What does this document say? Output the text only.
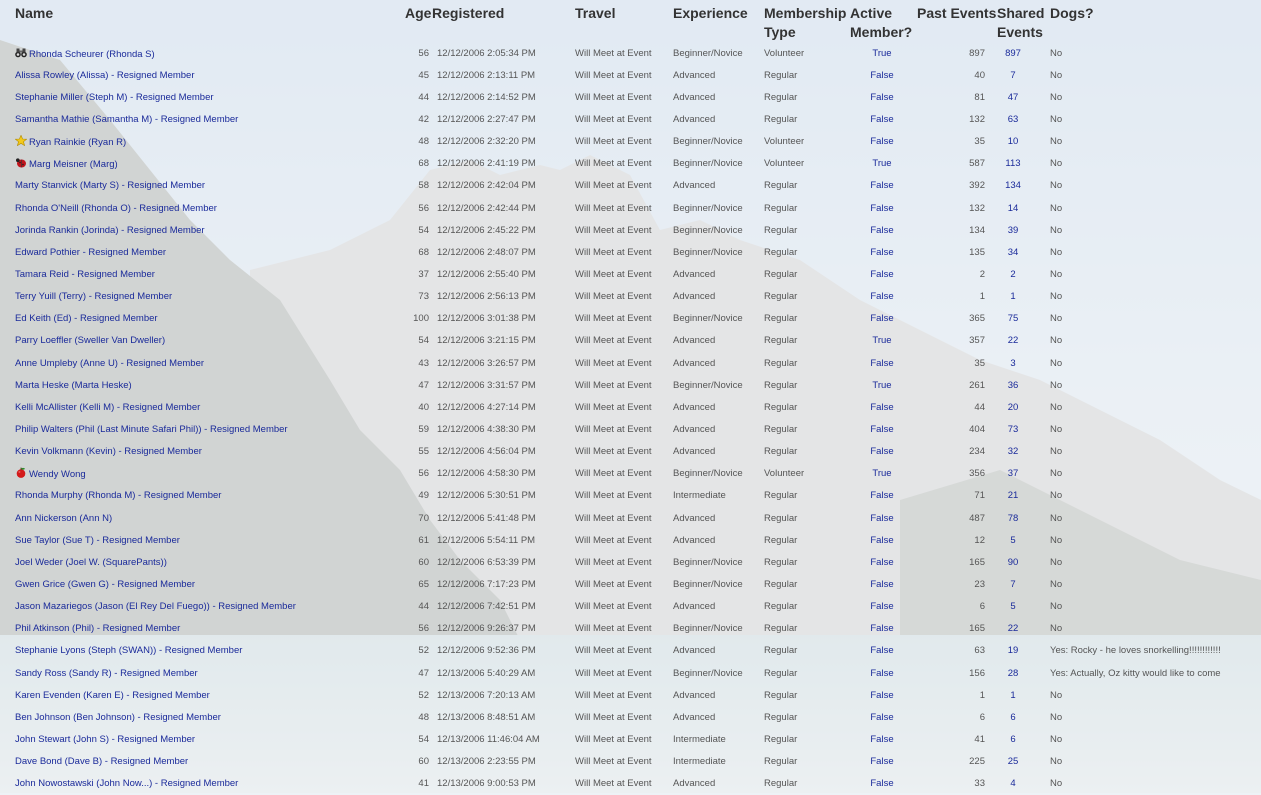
Name	Age	Registered	Travel	Experience	Membership Type	Active Member?	Past Events	Shared Events	Dogs?
Rhonda Scheurer (Rhonda S)	56	12/12/2006 2:05:34 PM	Will Meet at Event	Beginner/Novice	Volunteer	True	897	897	No
Alissa Rowley (Alissa) - Resigned Member	45	12/12/2006 2:13:11 PM	Will Meet at Event	Advanced	Regular	False	40	7	No
Stephanie Miller (Steph M) - Resigned Member	44	12/12/2006 2:14:52 PM	Will Meet at Event	Advanced	Regular	False	81	47	No
Samantha Mathie (Samantha M) - Resigned Member	42	12/12/2006 2:27:47 PM	Will Meet at Event	Advanced	Regular	False	132	63	No
Ryan Rainkie (Ryan R)	48	12/12/2006 2:32:20 PM	Will Meet at Event	Beginner/Novice	Volunteer	False	35	10	No
Marg Meisner (Marg)	68	12/12/2006 2:41:19 PM	Will Meet at Event	Beginner/Novice	Volunteer	True	587	113	No
Marty Stanvick (Marty S) - Resigned Member	58	12/12/2006 2:42:04 PM	Will Meet at Event	Advanced	Regular	False	392	134	No
Rhonda O'Neill (Rhonda O) - Resigned Member	56	12/12/2006 2:42:44 PM	Will Meet at Event	Beginner/Novice	Regular	False	132	14	No
Jorinda Rankin (Jorinda) - Resigned Member	54	12/12/2006 2:45:22 PM	Will Meet at Event	Beginner/Novice	Regular	False	134	39	No
Edward Pothier - Resigned Member	68	12/12/2006 2:48:07 PM	Will Meet at Event	Beginner/Novice	Regular	False	135	34	No
Tamara Reid - Resigned Member	37	12/12/2006 2:55:40 PM	Will Meet at Event	Advanced	Regular	False	2	2	No
Terry Yuill (Terry) - Resigned Member	73	12/12/2006 2:56:13 PM	Will Meet at Event	Advanced	Regular	False	1	1	No
Ed Keith (Ed) - Resigned Member	100	12/12/2006 3:01:38 PM	Will Meet at Event	Beginner/Novice	Regular	False	365	75	No
Parry Loeffler (Sweller Van Dweller)	54	12/12/2006 3:21:15 PM	Will Meet at Event	Advanced	Regular	True	357	22	No
Anne Umpleby (Anne U) - Resigned Member	43	12/12/2006 3:26:57 PM	Will Meet at Event	Advanced	Regular	False	35	3	No
Marta Heske (Marta Heske)	47	12/12/2006 3:31:57 PM	Will Meet at Event	Beginner/Novice	Regular	True	261	36	No
Kelli McAllister (Kelli M) - Resigned Member	40	12/12/2006 4:27:14 PM	Will Meet at Event	Advanced	Regular	False	44	20	No
Philip Walters (Phil (Last Minute Safari Phil)) - Resigned Member	59	12/12/2006 4:38:30 PM	Will Meet at Event	Advanced	Regular	False	404	73	No
Kevin Volkmann (Kevin) - Resigned Member	55	12/12/2006 4:56:04 PM	Will Meet at Event	Advanced	Regular	False	234	32	No
Wendy Wong	56	12/12/2006 4:58:30 PM	Will Meet at Event	Beginner/Novice	Volunteer	True	356	37	No
Rhonda Murphy (Rhonda M) - Resigned Member	49	12/12/2006 5:30:51 PM	Will Meet at Event	Intermediate	Regular	False	71	21	No
Ann Nickerson (Ann N)	70	12/12/2006 5:41:48 PM	Will Meet at Event	Advanced	Regular	False	487	78	No
Sue Taylor (Sue T) - Resigned Member	61	12/12/2006 5:54:11 PM	Will Meet at Event	Advanced	Regular	False	12	5	No
Joel Weder (Joel W. (SquarePants))	60	12/12/2006 6:53:39 PM	Will Meet at Event	Beginner/Novice	Regular	False	165	90	No
Gwen Grice (Gwen G) - Resigned Member	65	12/12/2006 7:17:23 PM	Will Meet at Event	Beginner/Novice	Regular	False	23	7	No
Jason Mazariegos (Jason (El Rey Del Fuego)) - Resigned Member	44	12/12/2006 7:42:51 PM	Will Meet at Event	Advanced	Regular	False	6	5	No
Phil Atkinson (Phil) - Resigned Member	56	12/12/2006 9:26:37 PM	Will Meet at Event	Beginner/Novice	Regular	False	165	22	No
Stephanie Lyons (Steph (SWAN)) - Resigned Member	52	12/12/2006 9:52:36 PM	Will Meet at Event	Advanced	Regular	False	63	19	Yes: Rocky - he loves snorkelling!!!!!!!!!!!!
Sandy Ross (Sandy R) - Resigned Member	47	12/13/2006 5:40:29 AM	Will Meet at Event	Beginner/Novice	Regular	False	156	28	Yes: Actually, Oz kitty would like to come
Karen Evenden (Karen E) - Resigned Member	52	12/13/2006 7:20:13 AM	Will Meet at Event	Advanced	Regular	False	1	1	No
Ben Johnson (Ben Johnson) - Resigned Member	48	12/13/2006 8:48:51 AM	Will Meet at Event	Advanced	Regular	False	6	6	No
John Stewart (John S) - Resigned Member	54	12/13/2006 11:46:04 AM	Will Meet at Event	Intermediate	Regular	False	41	6	No
Dave Bond (Dave B) - Resigned Member	60	12/13/2006 2:23:55 PM	Will Meet at Event	Intermediate	Regular	False	225	25	No
John Nowostawski (John Now...) - Resigned Member	41	12/13/2006 9:00:53 PM	Will Meet at Event	Advanced	Regular	False	33	4	No
